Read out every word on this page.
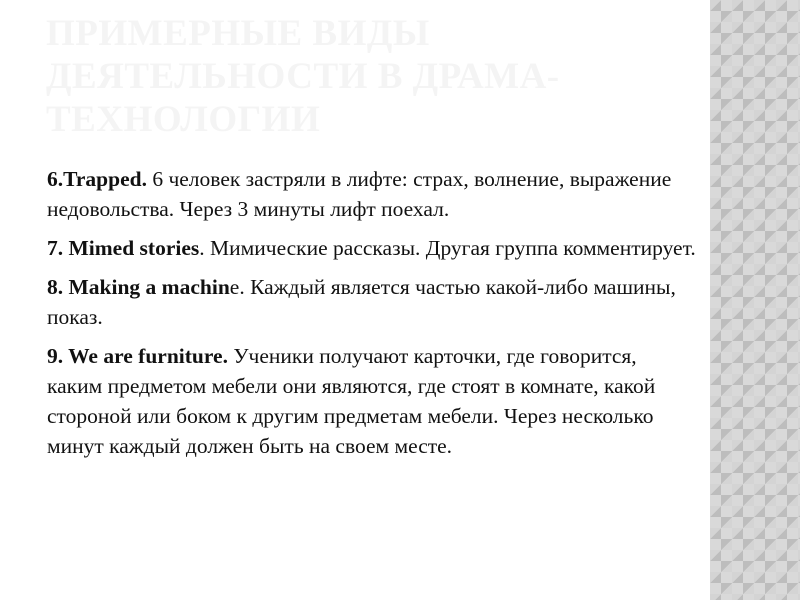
ПРИМЕРНЫЕ ВИДЫ ДЕЯТЕЛЬНОСТИ В ДРАМА-ТЕХНОЛОГИИ

6.Trapped. 6 человек застряли в лифте: страх, волнение, выражение недовольства. Через 3 минуты лифт поехал.

7. Mimed stories. Мимические рассказы. Другая группа комментирует.

8. Making a machinе. Каждый является частью какой-либо машины, показ.

9. We are furniture. Ученики получают карточки, где говорится, каким предметом мебели они являются, где стоят в комнате, какой стороной или боком к другим предметам мебели. Через несколько минут каждый должен быть на своем месте.
